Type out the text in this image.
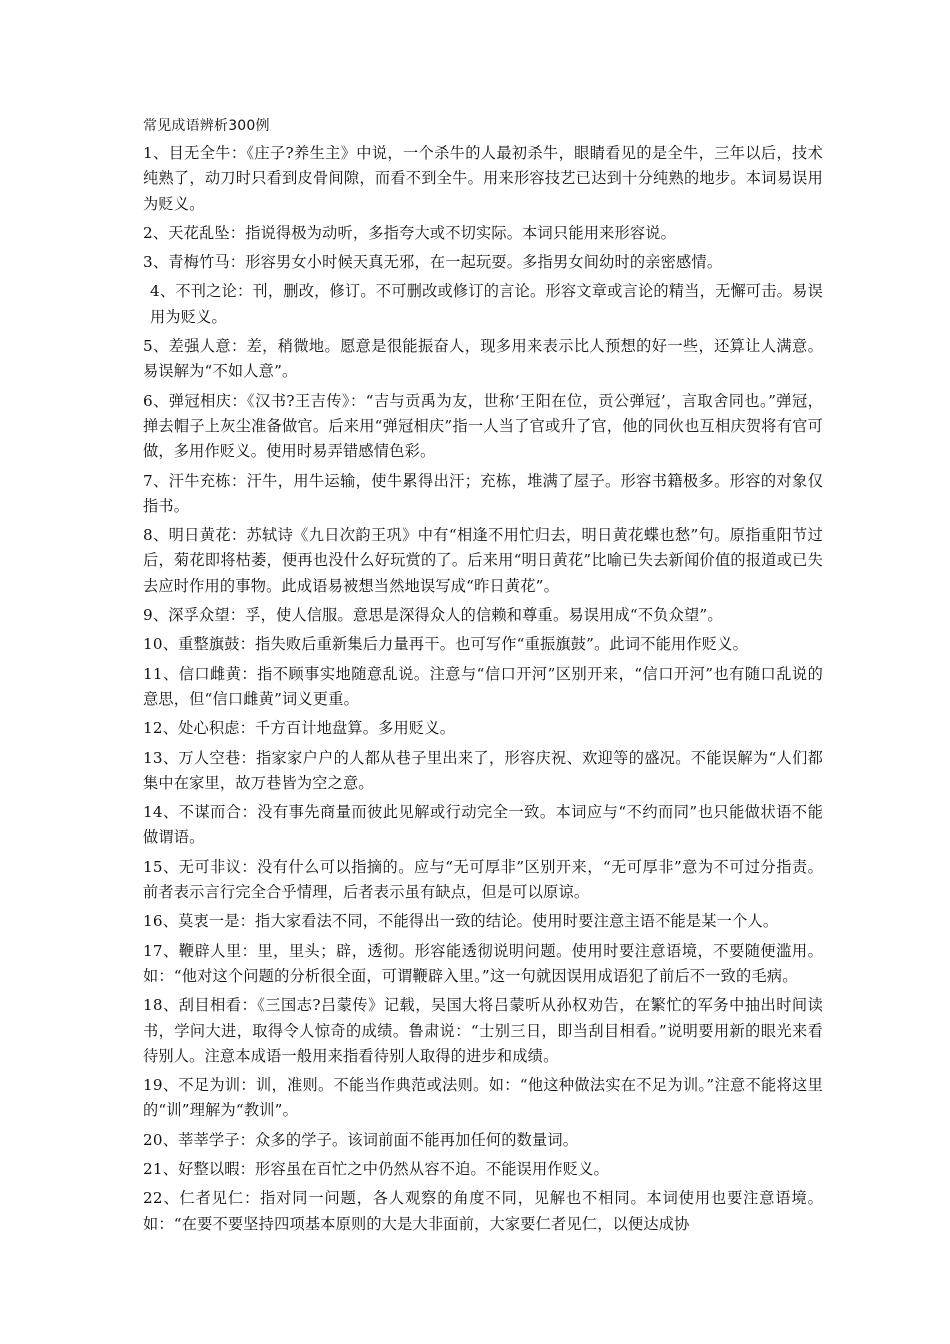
常见成语辨析300例

1、目无全牛：《庄子?养生主》中说，一个杀牛的人最初杀牛，眼睛看见的是全牛，三年以后，技术纯熟了，动刀时只看到皮骨间隙，而看不到全牛。用来形容技艺已达到十分纯熟的地步。本词易误用为贬义。

2、天花乱坠：指说得极为动听，多指夸大或不切实际。本词只能用来形容说。

3、青梅竹马：形容男女小时候天真无邪，在一起玩耍。多指男女间幼时的亲密感情。

4、不刊之论：刊，删改，修订。不可删改或修订的言论。形容文章或言论的精当，无懈可击。易误用为贬义。

5、差强人意：差，稍微地。愿意是很能振奋人，现多用来表示比人预想的好一些，还算让人满意。易误解为“不如人意”。

6、弹冠相庆：《汉书?王吉传》：“吉与贡禹为友，世称‘王阳在位，贡公弹冠’，言取舍同也。”弹冠，掸去帽子上灰尘准备做官。后来用“弹冠相庆”指一人当了官或升了官，他的同伙也互相庆贺将有官可做，多用作贬义。使用时易弄错感情色彩。

7、汗牛充栋：汗牛，用牛运输，使牛累得出汗；充栋，堆满了屋子。形容书籍极多。形容的对象仅指书。

8、明日黄花：苏轼诗《九日次韵王巩》中有“相逢不用忙归去，明日黄花蝶也愁”句。原指重阳节过后，菊花即将枯萎，便再也没什么好玩赏的了。后来用“明日黄花”比喻已失去新闻价值的报道或已失去应时作用的事物。此成语易被想当然地误写成“昨日黄花”。

9、深孚众望：孚，使人信服。意思是深得众人的信赖和尊重。易误用成“不负众望”。

10、重整旗鼓：指失败后重新集后力量再干。也可写作“重振旗鼓”。此词不能用作贬义。

11、信口雌黄：指不顾事实地随意乱说。注意与“信口开河”区别开来，“信口开河”也有随口乱说的意思，但“信口雌黄”词义更重。

12、处心积虑：千方百计地盘算。多用贬义。

13、万人空巷：指家家户户的人都从巷子里出来了，形容庆祝、欢迎等的盛况。不能误解为“人们都集中在家里，故万巷皆为空之意。

14、不谋而合：没有事先商量而彼此见解或行动完全一致。本词应与“不约而同”也只能做状语不能做谓语。

15、无可非议：没有什么可以指摘的。应与“无可厚非”区别开来，“无可厚非”意为不可过分指责。前者表示言行完全合乎情理，后者表示虽有缺点，但是可以原谅。

16、莫衷一是：指大家看法不同，不能得出一致的结论。使用时要注意主语不能是某一个人。

17、鞭辟人里：里，里头；辟，透彻。形容能透彻说明问题。使用时要注意语境，不要随便滥用。如：“他对这个问题的分析很全面，可谓鞭辟入里。”这一句就因误用成语犯了前后不一致的毛病。

18、刮目相看：《三国志?吕蒙传》记载，吴国大将吕蒙听从孙权劝告，在繁忙的军务中抽出时间读书，学问大进，取得令人惊奇的成绩。鲁肃说：“士别三日，即当刮目相看。”说明要用新的眼光来看待别人。注意本成语一般用来指看待别人取得的进步和成绩。

19、不足为训：训，准则。不能当作典范或法则。如：“他这种做法实在不足为训。”注意不能将这里的“训”理解为“教训”。

20、莘莘学子：众多的学子。该词前面不能再加任何的数量词。

21、好整以暇：形容虽在百忙之中仍然从容不迫。不能误用作贬义。

22、仁者见仁：指对同一问题，各人观察的角度不同，见解也不相同。本词使用也要注意语境。如：“在要不要坚持四项基本原则的大是大非面前，大家要仁者见仁，以便达成协
